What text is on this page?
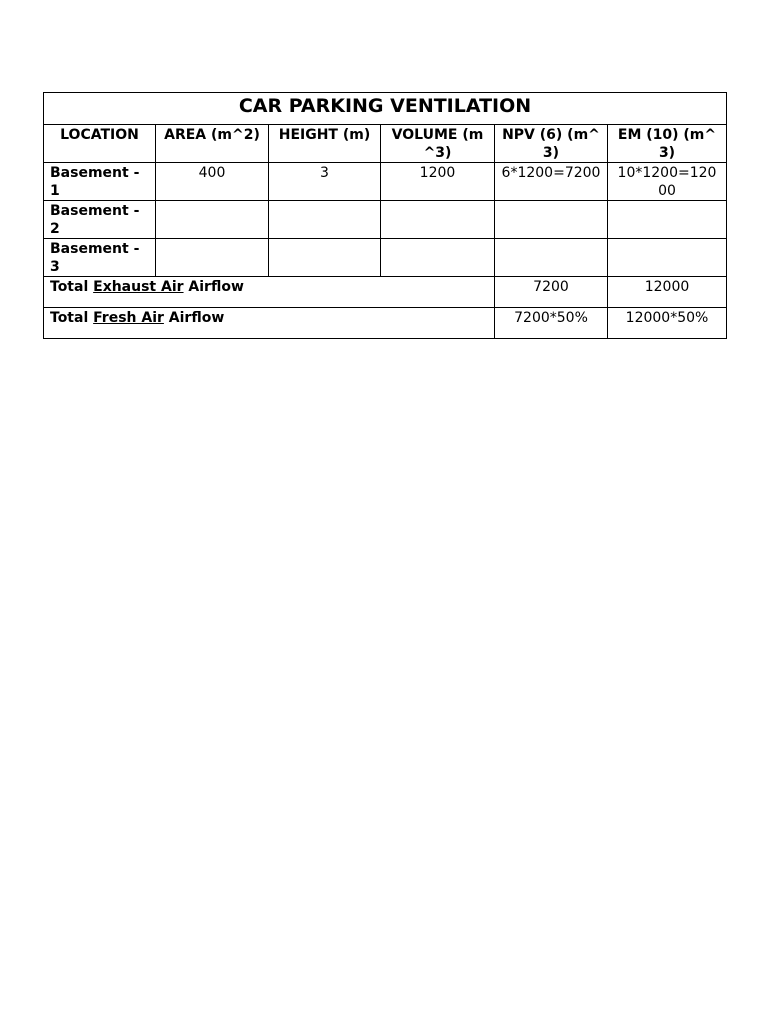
CAR PARKING VENTILATION					
LOCATION	AREA (m^2)	HEIGHT (m)	VOLUME (m^3)	NPV (6) (m^3)	EM (10) (m^3)
Basement - 1	400	3	1200	6*1200=7200	10*1200=12000
Basement - 2					
Basement - 3					
Total Exhaust Air Airflow				7200	12000
Total Fresh Air Airflow				7200*50%	12000*50%
